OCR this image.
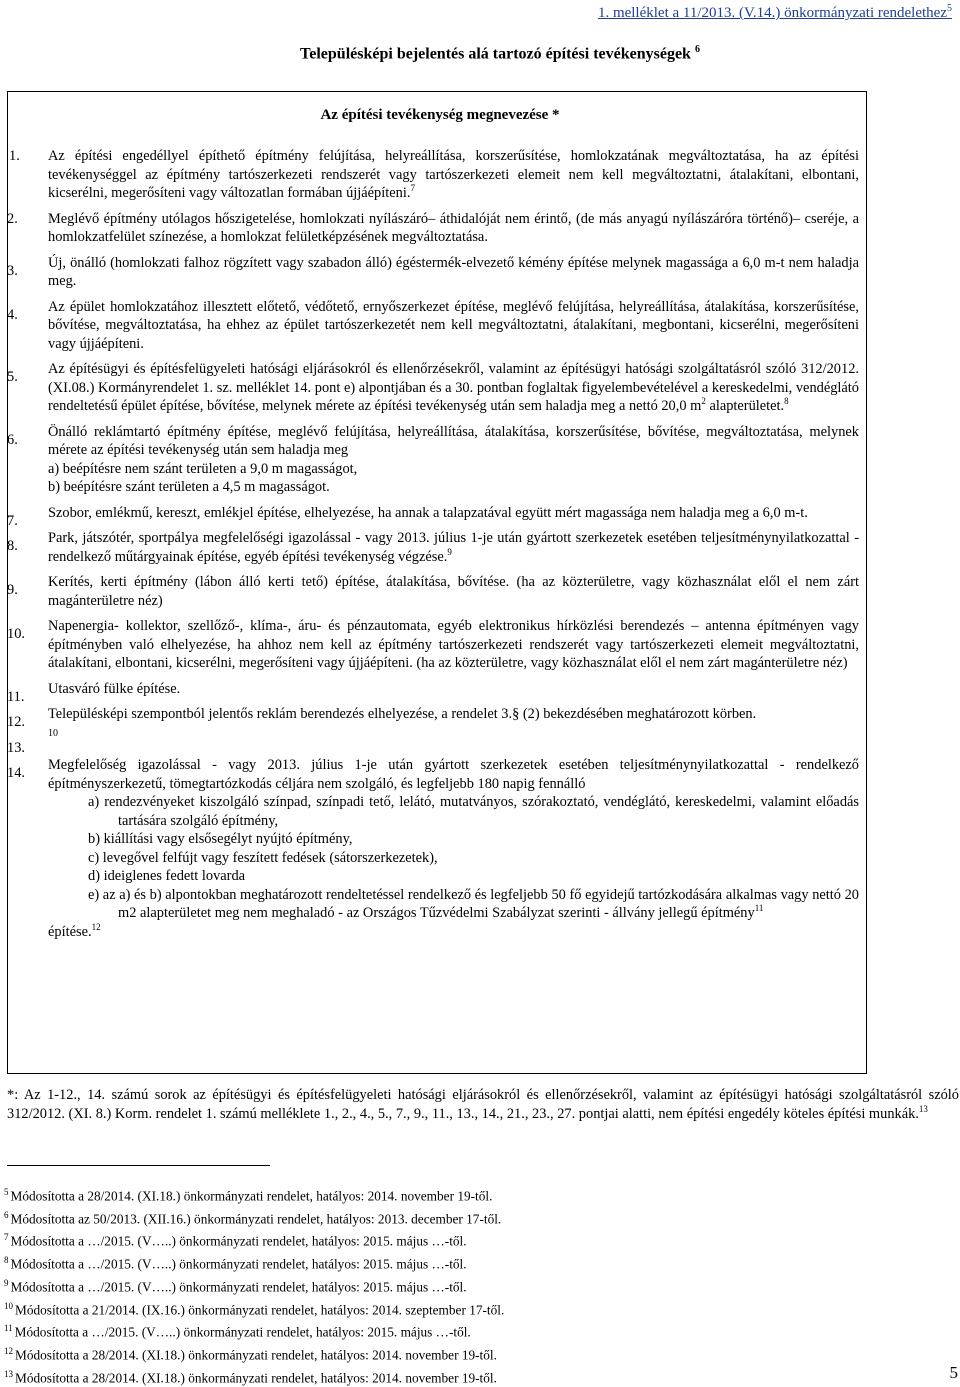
1. melléklet a 11/2013. (V.14.) önkormányzati rendelethez$^5$
Településképi bejelentés alá tartozó építési tevékenységek $^6$
Az építési tevékenység megnevezése *
1.	Az építési engedéllyel építhető építmény felújítása, helyreállítása, korszerűsítése, homlokzatának megváltoztatása, ha az építési tevékenységgel az építmény tartószerkezeti rendszerét vagy tartószerkezeti elemeit nem kell megváltoztatni, átalakítani, elbontani, kicserélni, megerősíteni vagy változatlan formában újjáépíteni.$^7$

2.	Meglévő építmény utólagos hőszigetelése, homlokzati nyílászáró– áthidalóját nem érintő, (de más anyagú nyílászáróra történő)– cseréje, a homlokzatfelület színezése, a homlokzat felületképzésének megváltoztatása.

3.	Új, önálló (homlokzati falhoz rögzített vagy szabadon álló) égéstermék-elvezető kémény építése melynek magassága a 6,0 m-t nem haladja meg.

4.	Az épület homlokzatához illesztett előtető, védőtető, ernyőszerkezet építése, meglévő felújítása, helyreállítása, átalakítása, korszerűsítése, bővítése, megváltoztatása, ha ehhez az épület tartószerkezetét nem kell megváltoztatni, átalakítani, megbontani, kicserélni, megerősíteni vagy újjáépíteni.

5.	Az építésügyi és építésfelügyeleti hatósági eljárásokról és ellenőrzésekről, valamint az építésügyi hatósági szolgáltatásról szóló 312/2012. (XI.08.) Kormányrendelet 1. sz. melléklet 14. pont e) alpontjában és a 30. pontban foglaltak figyelembevételével a kereskedelmi, vendéglátó rendeltetésű épület építése, bővítése, melynek mérete az építési tevékenység után sem haladja meg a nettó 20,0 $m^2$ alapterületet.$^8$

6.	Önálló reklámtartó építmény építése, meglévő felújítása, helyreállítása, átalakítása, korszerűsítése, bővítése, megváltoztatása, melynek mérete az építési tevékenység után sem haladja meg

a) beépítésre nem szánt területen a 9,0 m magasságot,

b) beépítésre szánt területen a 4,5 m magasságot.

7.	Szobor, emlékmű, kereszt, emlékjel építése, elhelyezése, ha annak a talapzatával együtt mért magassága nem haladja meg a 6,0 m-t.

8.	Park, játszótér, sportpálya megfelelőségi igazolással - vagy 2013. július 1-je után gyártott szerkezetek esetében teljesítménynyilatkozattal - rendelkező műtárgyainak építése, egyéb építési tevékenység végzése.$^9$

9.	Kerítés, kerti építmény (lábon álló kerti tető) építése, átalakítása, bővítése. (ha az közterületre, vagy közhasználat elől el nem zárt magánterületre néz)

10.	Napenergia- kollektor, szellőző-, klíma-, áru- és pénzautomata, egyéb elektronikus hírközlési berendezés – antenna építményen vagy építményben való elhelyezése, ha ahhoz nem kell az építmény tartószerkezeti rendszerét vagy tartószerkezeti elemeit megváltoztatni, átalakítani, elbontani, kicserélni, megerősíteni vagy újjáépíteni. (ha az közterületre, vagy közhasználat elől el nem zárt magánterületre néz)

11.	Utasváró fülke építése.

12.	Településképi szempontból jelentős reklám berendezés elhelyezése, a rendelet 3.§ (2) bekezdésében meghatározott körben.

13.

$^{10}$

14.	Megfelelőség igazolással - vagy 2013. július 1-je után gyártott szerkezetek esetében teljesítménynyilatkozattal - rendelkező építményszerkezetű, tömegtartózkodás céljára nem szolgáló, és legfeljebb 180 napig fennálló

a) rendezvényeket kiszolgáló színpad, színpadi tető, lelátó, mutatványos, szórakoztató, vendéglátó, kereskedelmi, valamint előadás tartására szolgáló építmény,

b) kiállítási vagy elsősegélyt nyújtó építmény,

c) levegővel felfújt vagy feszített fedések (sátorszerkezetek),

d) ideiglenes fedett lovarda

e) az a) és b) alpontokban meghatározott rendeltetéssel rendelkező és legfeljebb 50 fő egyidejű tartózkodására alkalmas vagy nettó 20 m2 alapterületet meg nem meghaladó - az Országos Tűzvédelmi Szabályzat szerinti - állvány jellegű építmény$^{11}$

építése.$^{12}$

*: Az 1-12., 14. számú sorok az építésügyi és építésfelügyeleti hatósági eljárásokról és ellenőrzésekről, valamint az építésügyi hatósági szolgáltatásról szóló 312/2012. (XI. 8.) Korm. rendelet 1. számú melléklete 1., 2., 4., 5., 7., 9., 11., 13., 14., 21., 23., 27. pontjai alatti, nem építési engedély köteles építési munkák.$^{13}$
$^5$ Módosította a 28/2014. (XI.18.) önkormányzati rendelet, hatályos: 2014. november 19-től.
$^6$ Módosította az 50/2013. (XII.16.) önkormányzati rendelet, hatályos: 2013. december 17-től.
$^7$ Módosította a …/2015. (V…..) önkormányzati rendelet, hatályos: 2015. május …-től.
$^8$ Módosította a …/2015. (V…..) önkormányzati rendelet, hatályos: 2015. május …-től.
$^9$ Módosította a …/2015. (V…..) önkormányzati rendelet, hatályos: 2015. május …-től.
$^{10}$ Módosította a 21/2014. (IX.16.) önkormányzati rendelet, hatályos: 2014. szeptember 17-től.
$^{11}$ Módosította a …/2015. (V…..) önkormányzati rendelet, hatályos: 2015. május …-től.
$^{12}$ Módosította a 28/2014. (XI.18.) önkormányzati rendelet, hatályos: 2014. november 19-től.
$^{13}$ Módosította a 28/2014. (XI.18.) önkormányzati rendelet, hatályos: 2014. november 19-től.	5
